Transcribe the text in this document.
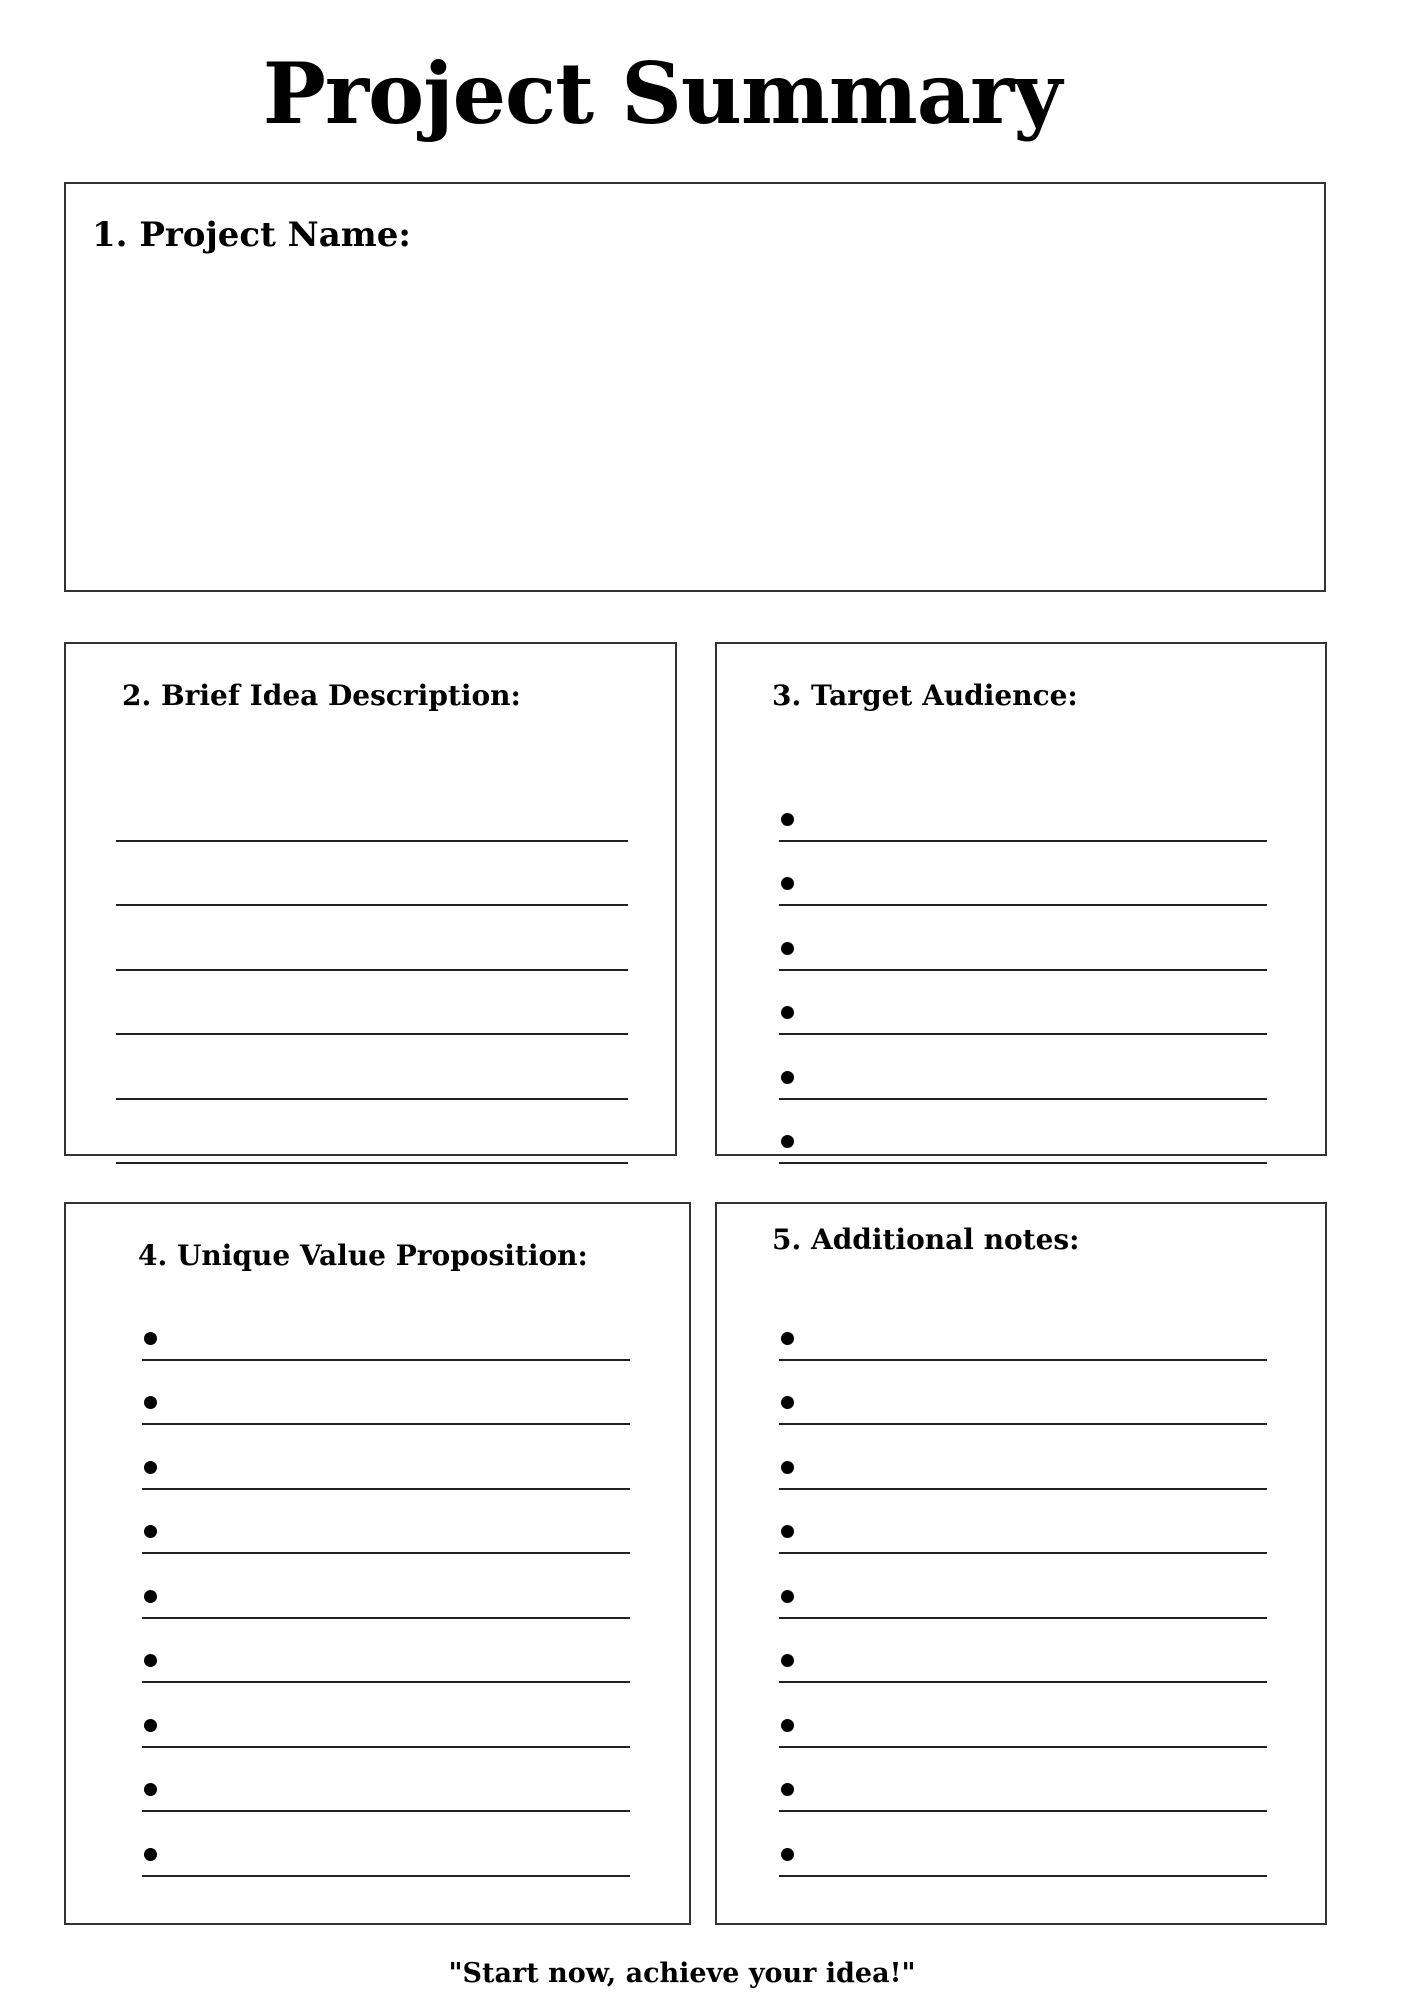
Project Summary
1. Project Name:
2. Brief Idea Description:	3. Target Audience:
4. Unique Value Proposition:	5. Additional notes:
"Start now, achieve your idea!"
